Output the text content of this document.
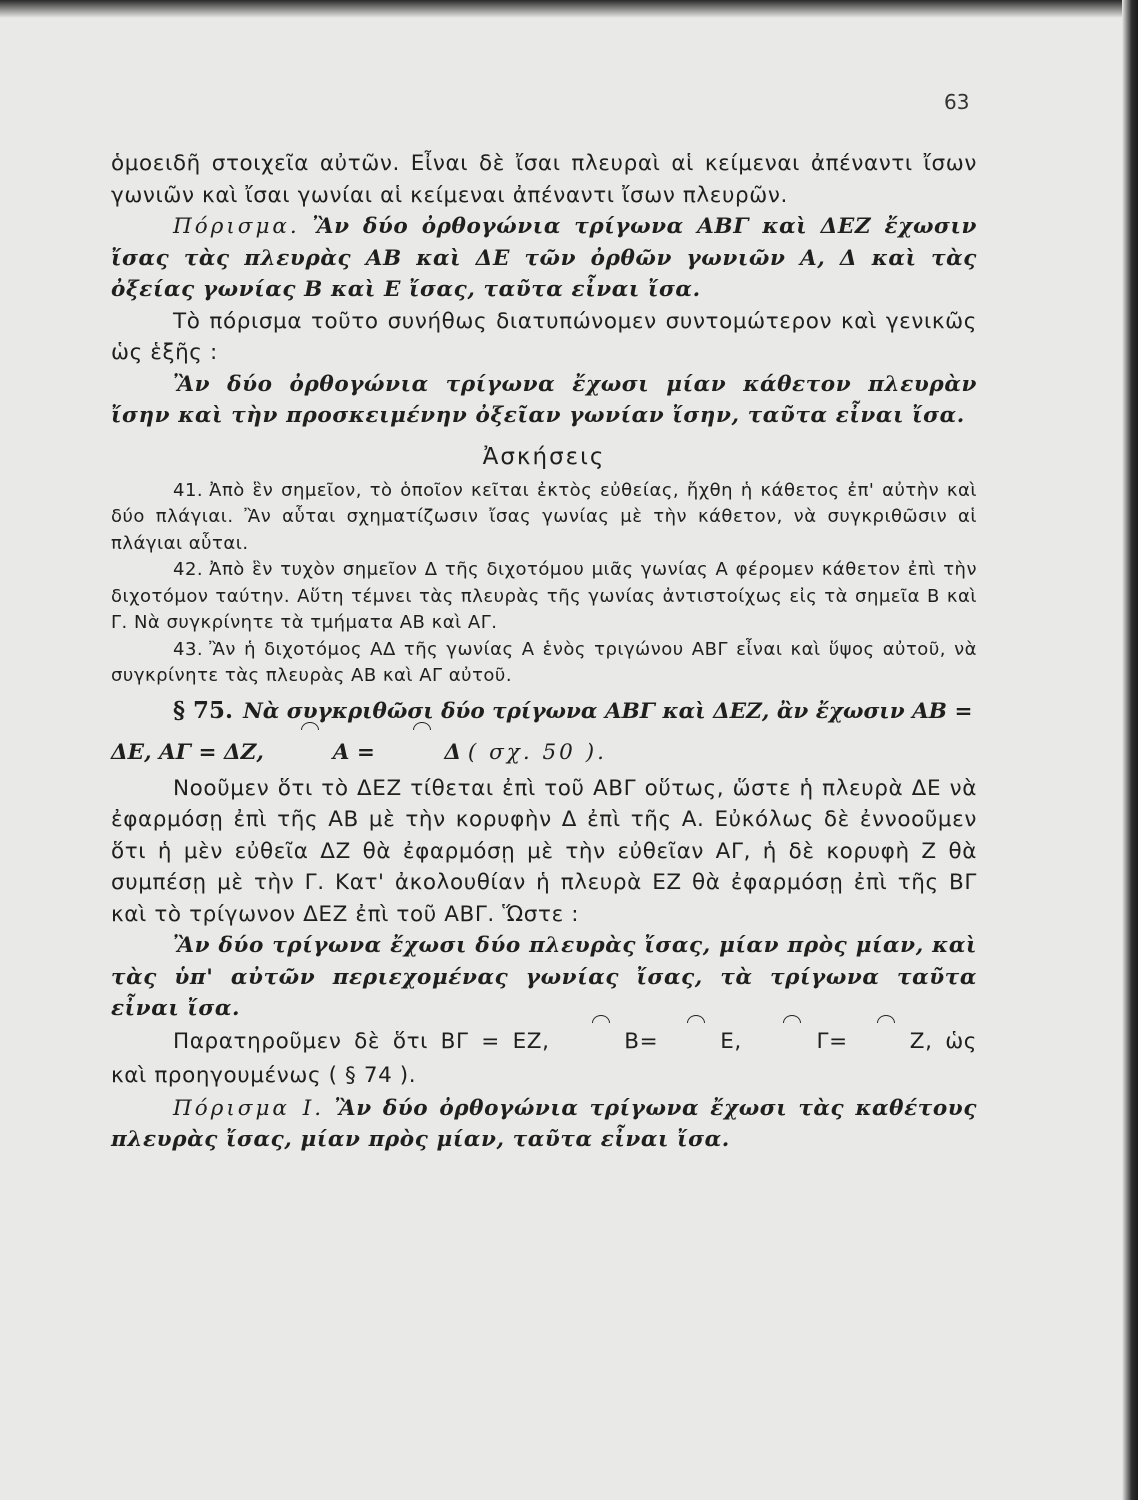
63

ὁμοειδῆ στοιχεῖα αὐτῶν. Εἶναι δὲ ἴσαι πλευραὶ αἱ κείμεναι ἀπέναντι ἴσων γωνιῶν καὶ ἴσαι γωνίαι αἱ κείμεναι ἀπέναντι ἴσων πλευρῶν.

Πόρισμα. Ἂν δύο ὀρθογώνια τρίγωνα ΑΒΓ καὶ ΔΕΖ ἔχωσιν ἴσας τὰς πλευρὰς ΑΒ καὶ ΔΕ τῶν ὀρθῶν γωνιῶν Α, Δ καὶ τὰς ὀξείας γωνίας Β καὶ Ε ἴσας, ταῦτα εἶναι ἴσα.

Τὸ πόρισμα τοῦτο συνήθως διατυπώνομεν συντομώτερον καὶ γενικῶς ὡς ἑξῆς :

Ἂν δύο ὀρθογώνια τρίγωνα ἔχωσι μίαν κάθετον πλευρὰν ἴσην καὶ τὴν προσκειμένην ὀξεῖαν γωνίαν ἴσην, ταῦτα εἶναι ἴσα.

Ἀσκήσεις

41. Ἀπὸ ἓν σημεῖον, τὸ ὁποῖον κεῖται ἐκτὸς εὐθείας, ἤχθη ἡ κάθετος ἐπ' αὐτὴν καὶ δύο πλάγιαι. Ἂν αὗται σχηματίζωσιν ἴσας γωνίας μὲ τὴν κάθετον, νὰ συγκριθῶσιν αἱ πλάγιαι αὗται.

42. Ἀπὸ ἓν τυχὸν σημεῖον Δ τῆς διχοτόμου μιᾶς γωνίας Α φέρομεν κάθετον ἐπὶ τὴν διχοτόμον ταύτην. Αὕτη τέμνει τὰς πλευρὰς τῆς γωνίας ἀντιστοίχως εἰς τὰ σημεῖα Β καὶ Γ. Νὰ συγκρίνητε τὰ τμήματα ΑΒ καὶ ΑΓ.

43. Ἂν ἡ διχοτόμος ΑΔ τῆς γωνίας Α ἑνὸς τριγώνου ΑΒΓ εἶναι καὶ ὕψος αὐτοῦ, νὰ συγκρίνητε τὰς πλευρὰς ΑΒ καὶ ΑΓ αὐτοῦ.

§ 75. Νὰ συγκριθῶσι δύο τρίγωνα ΑΒΓ καὶ ΔΕΖ, ἂν ἔχωσιν ΑΒ = ΔΕ, ΑΓ = ΔΖ,	Α =	Δ ( σχ. 50 ).

Νοοῦμεν ὅτι τὸ ΔΕΖ τίθεται ἐπὶ τοῦ ΑΒΓ οὕτως, ὥστε ἡ πλευρὰ ΔΕ νὰ ἐφαρμόσῃ ἐπὶ τῆς ΑΒ μὲ τὴν κορυφὴν Δ ἐπὶ τῆς Α. Εὐκόλως δὲ ἐννοοῦμεν ὅτι ἡ μὲν εὐθεῖα ΔΖ θὰ ἐφαρμόσῃ μὲ τὴν εὐθεῖαν ΑΓ, ἡ δὲ κορυφὴ Ζ θὰ συμπέσῃ μὲ τὴν Γ. Κατ' ἀκολουθίαν ἡ πλευρὰ ΕΖ θὰ ἐφαρμόσῃ ἐπὶ τῆς ΒΓ καὶ τὸ τρίγωνον ΔΕΖ ἐπὶ τοῦ ΑΒΓ. Ὥστε :

Ἂν δύο τρίγωνα ἔχωσι δύο πλευρὰς ἴσας, μίαν πρὸς μίαν, καὶ τὰς ὑπ' αὐτῶν περιεχομένας γωνίας ἴσας, τὰ τρίγωνα ταῦτα εἶναι ἴσα.

Παρατηροῦμεν δὲ ὅτι ΒΓ = ΕΖ,	Β=	Ε,	Γ=	Ζ, ὡς καὶ προηγουμένως ( § 74 ).

Πόρισμα Ι. Ἂν δύο ὀρθογώνια τρίγωνα ἔχωσι τὰς καθέτους πλευρὰς ἴσας, μίαν πρὸς μίαν, ταῦτα εἶναι ἴσα.
